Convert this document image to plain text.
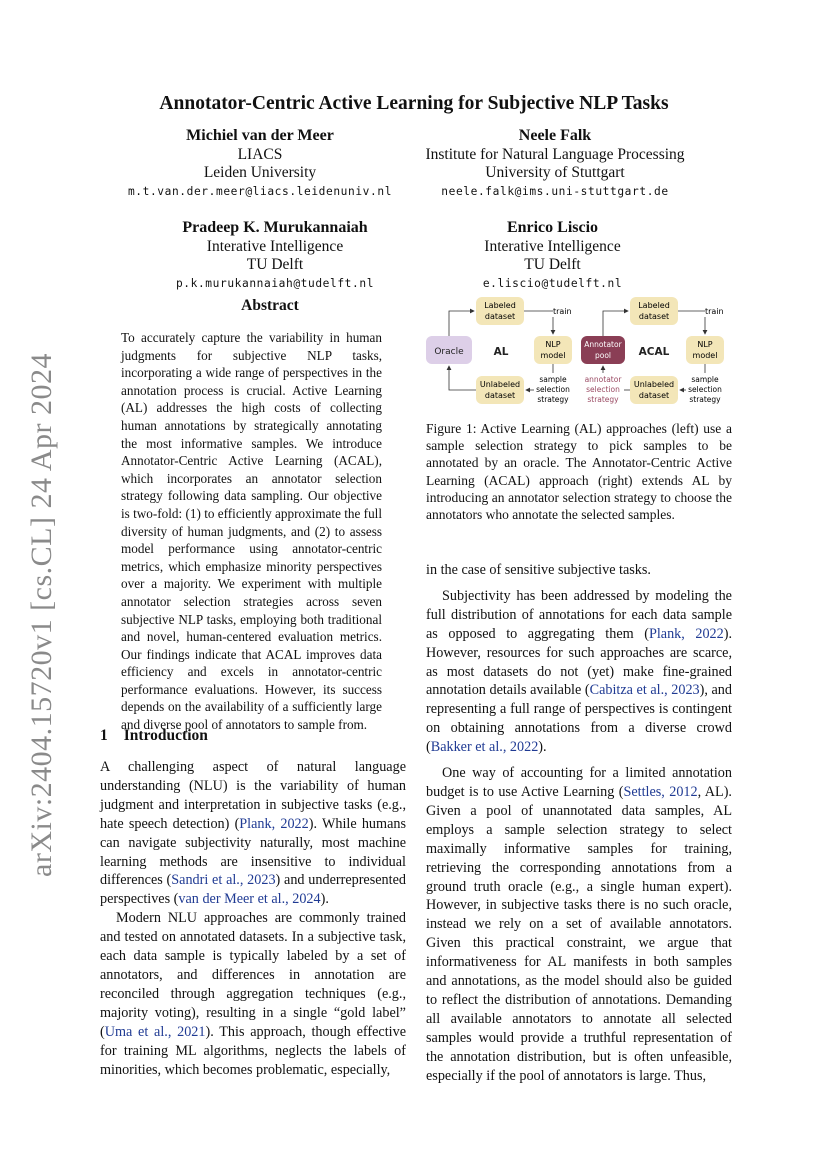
arXiv:2404.15720v1 [cs.CL] 24 Apr 2024
Annotator-Centric Active Learning for Subjective NLP Tasks
Michiel van der Meer
LIACS
Leiden University
m.t.van.der.meer@liacs.leidenuniv.nl
Neele Falk
Institute for Natural Language Processing
University of Stuttgart
neele.falk@ims.uni-stuttgart.de
Pradeep K. Murukannaiah
Interative Intelligence
TU Delft
p.k.murukannaiah@tudelft.nl
Enrico Liscio
Interative Intelligence
TU Delft
e.liscio@tudelft.nl
Abstract
To accurately capture the variability in human judgments for subjective NLP tasks, incorporating a wide range of perspectives in the annotation process is crucial. Active Learning (AL) addresses the high costs of collecting human annotations by strategically annotating the most informative samples. We introduce Annotator-Centric Active Learning (ACAL), which incorporates an annotator selection strategy following data sampling. Our objective is two-fold: (1) to efficiently approximate the full diversity of human judgments, and (2) to assess model performance using annotator-centric metrics, which emphasize minority perspectives over a majority. We experiment with multiple annotator selection strategies across seven subjective NLP tasks, employing both traditional and novel, human-centered evaluation metrics. Our findings indicate that ACAL improves data efficiency and excels in annotator-centric performance evaluations. However, its success depends on the availability of a sufficiently large and diverse pool of annotators to sample from.
1 Introduction

A challenging aspect of natural language understanding (NLU) is the variability of human judgment and interpretation in subjective tasks (e.g., hate speech detection) (Plank, 2022). While humans can navigate subjectivity naturally, most machine learning methods are insensitive to individual differences (Sandri et al., 2023) and underrepresented perspectives (van der Meer et al., 2024).

Modern NLU approaches are commonly trained and tested on annotated datasets. In a subjective task, each data sample is typically labeled by a set of annotators, and differences in annotation are reconciled through aggregation techniques (e.g., majority voting), resulting in a single “gold label” (Uma et al., 2021). This approach, though effective for training ML algorithms, neglects the labels of minorities, which becomes problematic, especially,

Oracle	AL
Labeled
dataset
Unlabeled
dataset
NLP
model
train
sample
selection
strategy
Annotator
pool	ACAL
Labeled
dataset
Unlabeled
dataset
NLP
model
train
annotator
selection
strategy
sample
selection
strategy
Figure 1: Active Learning (AL) approaches (left) use a sample selection strategy to pick samples to be annotated by an oracle. The Annotator-Centric Active Learning (ACAL) approach (right) extends AL by introducing an annotator selection strategy to choose the annotators who annotate the selected samples.

in the case of sensitive subjective tasks.

Subjectivity has been addressed by modeling the full distribution of annotations for each data sample as opposed to aggregating them (Plank, 2022). However, resources for such approaches are scarce, as most datasets do not (yet) make fine-grained annotation details available (Cabitza et al., 2023), and representing a full range of perspectives is contingent on obtaining annotations from a diverse crowd (Bakker et al., 2022).

One way of accounting for a limited annotation budget is to use Active Learning (Settles, 2012, AL). Given a pool of unannotated data samples, AL employs a sample selection strategy to select maximally informative samples for training, retrieving the corresponding annotations from a ground truth oracle (e.g., a single human expert). However, in subjective tasks there is no such oracle, instead we rely on a set of available annotators. Given this practical constraint, we argue that informativeness for AL manifests in both samples and annotations, as the model should also be guided to reflect the distribution of annotations. Demanding all available annotators to annotate all selected samples would provide a truthful representation of the annotation distribution, but is often unfeasible, especially if the pool of annotators is large. Thus,
